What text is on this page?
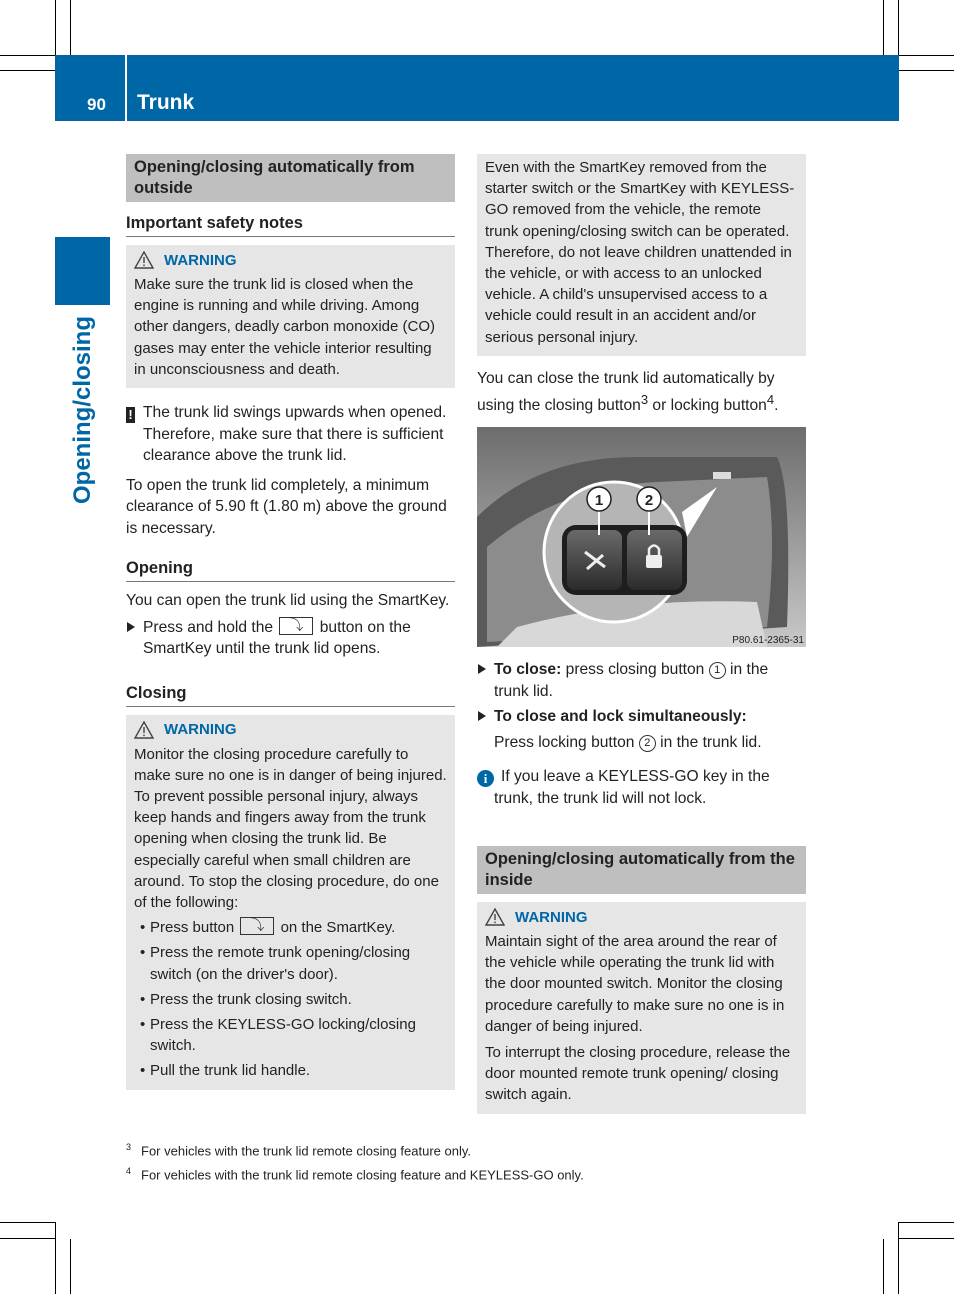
90 Trunk
Opening/closing
Opening/closing automatically from outside
Important safety notes
WARNING

Make sure the trunk lid is closed when the engine is running and while driving. Among other dangers, deadly carbon monoxide (CO) gases may enter the vehicle interior resulting in unconsciousness and death.

! The trunk lid swings upwards when opened. Therefore, make sure that there is sufficient clearance above the trunk lid.

To open the trunk lid completely, a minimum clearance of 5.90 ft (1.80 m) above the ground is necessary.

Opening

You can open the trunk lid using the SmartKey.

Press and hold the ⤵	button on the SmartKey until the trunk lid opens.

Closing
WARNING

Monitor the closing procedure carefully to make sure no one is in danger of being injured. To prevent possible personal injury, always keep hands and fingers away from the trunk opening when closing the trunk lid. Be especially careful when small children are around. To stop the closing procedure, do one of the following:

• Press button ⤵	on the SmartKey.
• Press the remote trunk opening/closing switch (on the driver's door).
• Press the trunk closing switch.
• Press the KEYLESS-GO locking/closing switch.
• Pull the trunk lid handle.

Even with the SmartKey removed from the starter switch or the SmartKey with KEYLESS-GO removed from the vehicle, the remote trunk opening/closing switch can be operated. Therefore, do not leave children unattended in the vehicle, or with access to an unlocked vehicle. A child's unsupervised access to a vehicle could result in an accident and/or serious personal injury.

You can close the trunk lid automatically by using the closing button$^3$ or locking button$^4$.

1	2
P80.61-2365-31

To close: press closing button 1 in the trunk lid.

To close and lock simultaneously:

Press locking button 2 in the trunk lid.

i If you leave a KEYLESS-GO key in the trunk, the trunk lid will not lock.

Opening/closing automatically from the inside
WARNING

Maintain sight of the area around the rear of the vehicle while operating the trunk lid with the door mounted switch. Monitor the closing procedure carefully to make sure no one is in danger of being injured.

To interrupt the closing procedure, release the door mounted remote trunk opening/ closing switch again.

$^3$ For vehicles with the trunk lid remote closing feature only.
$^4$ For vehicles with the trunk lid remote closing feature and KEYLESS-GO only.
